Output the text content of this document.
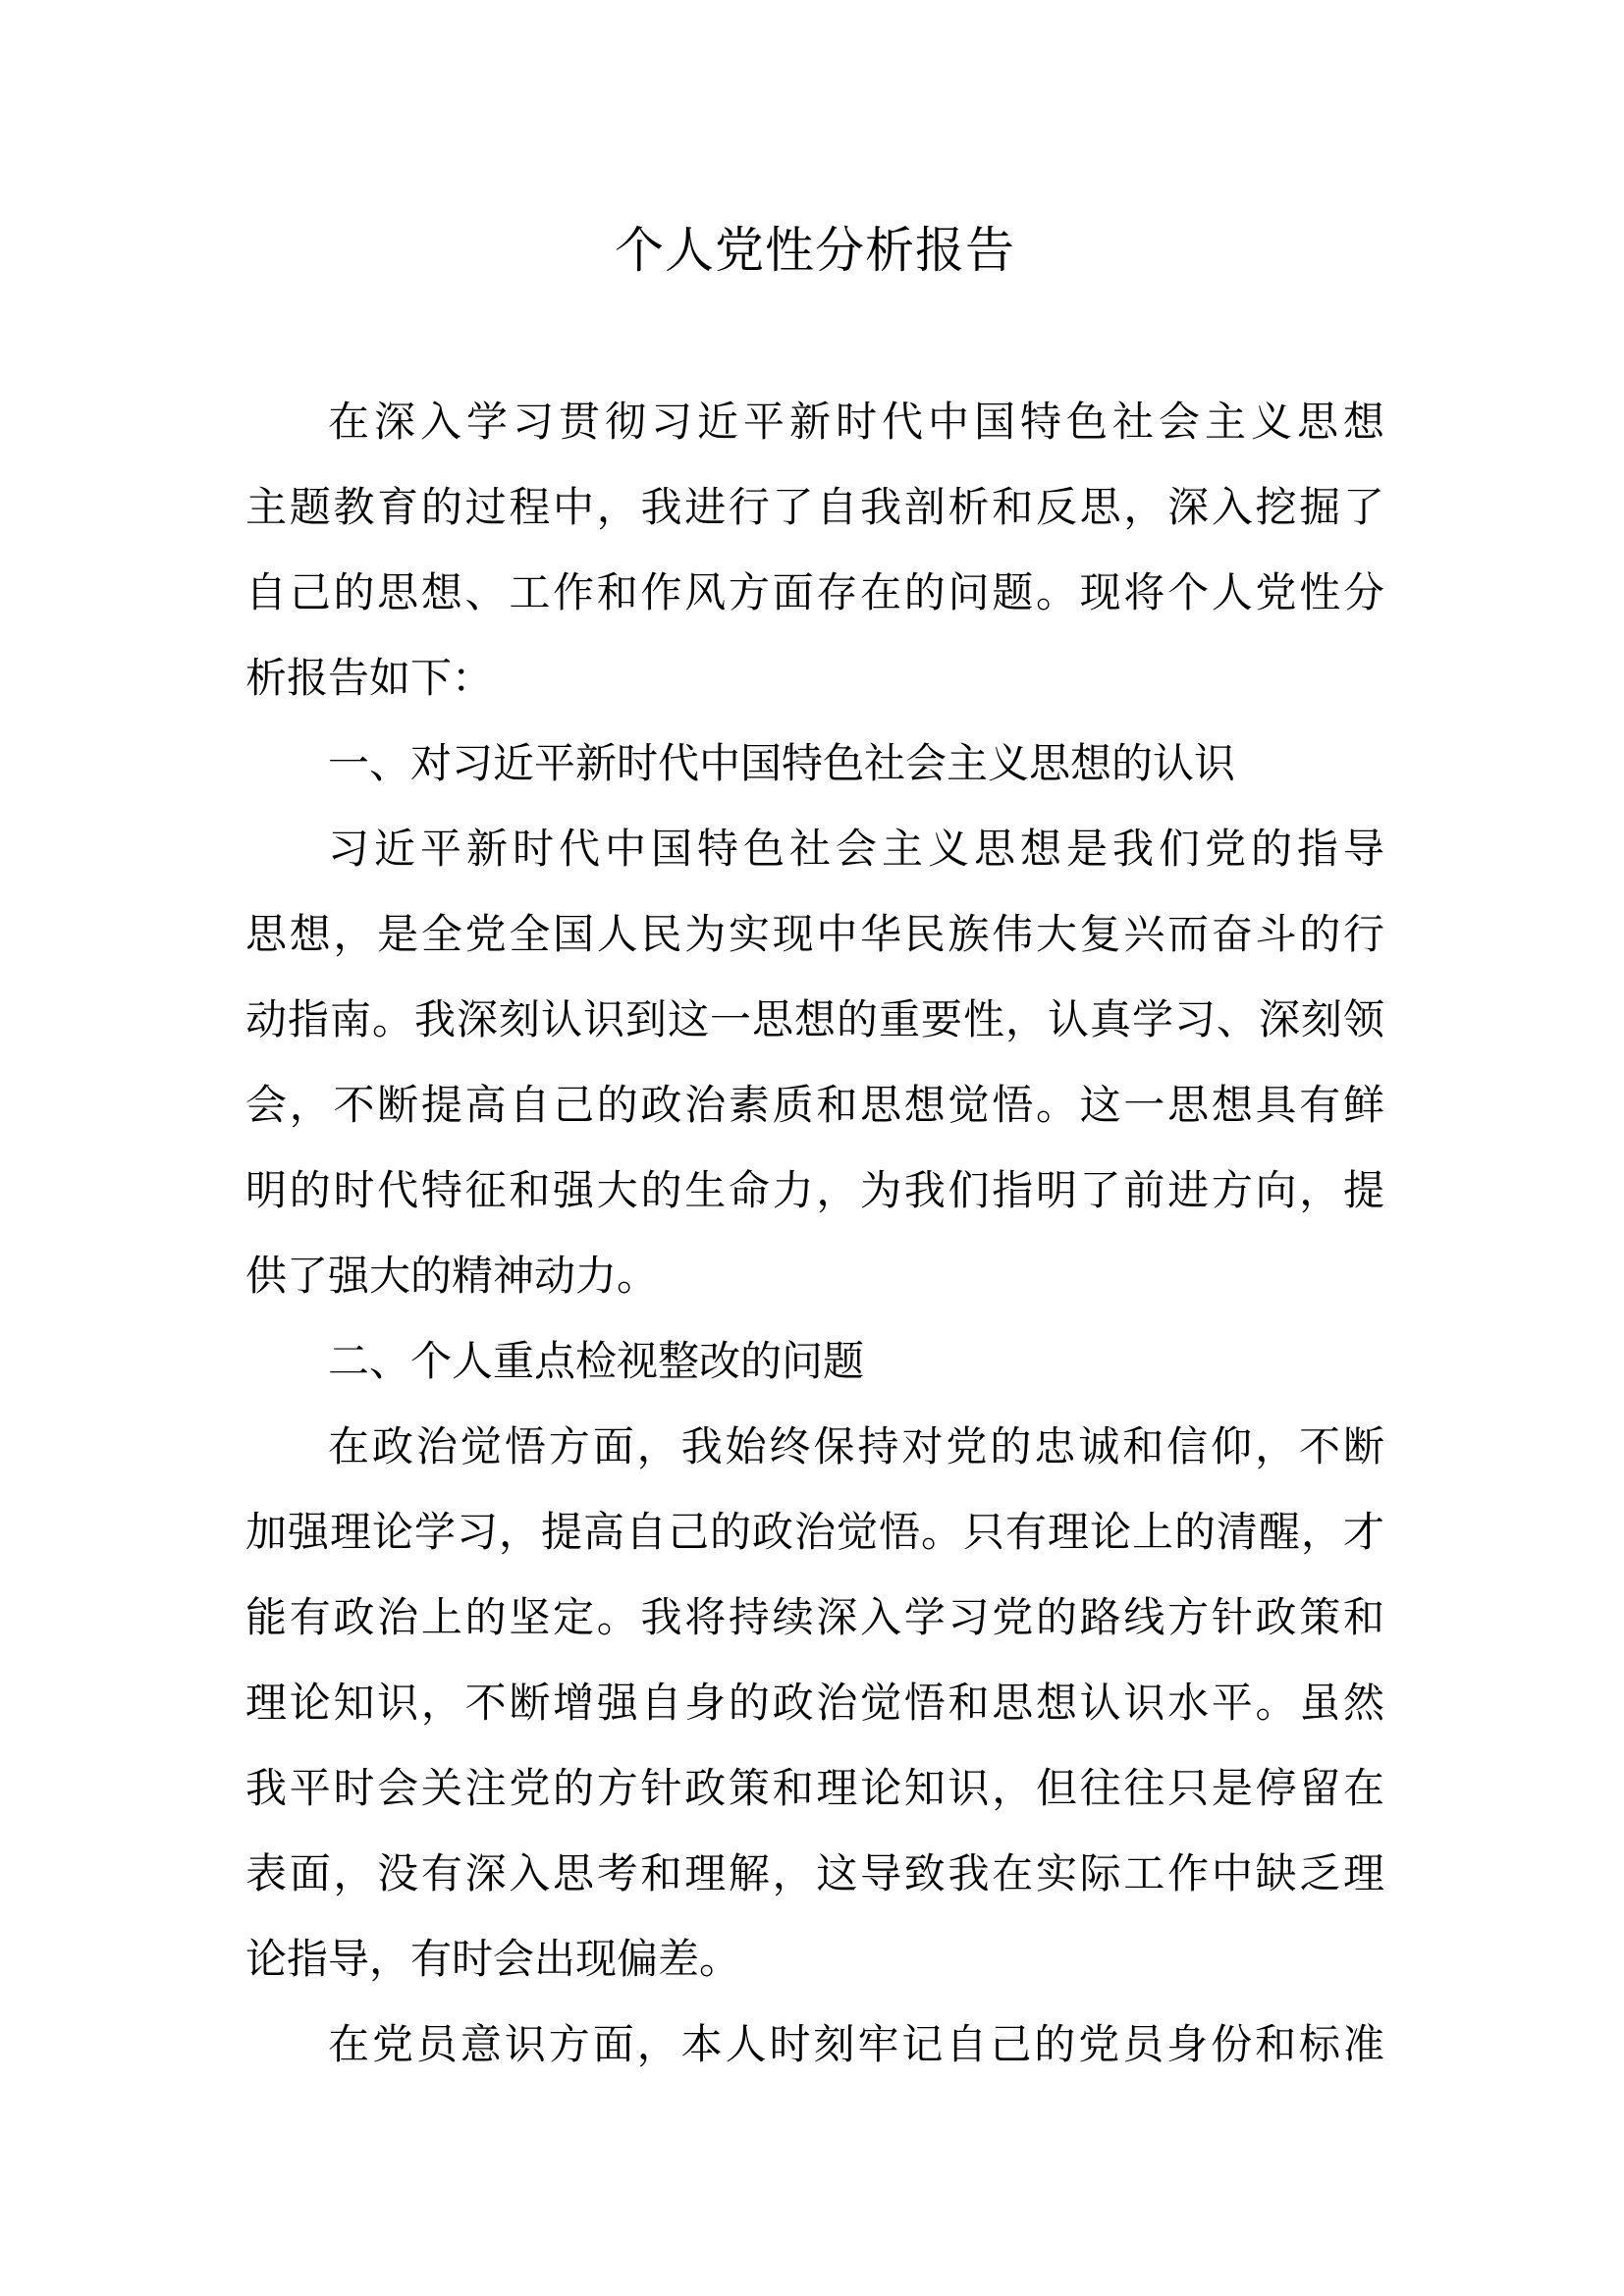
个人党性分析报告
在深入学习贯彻习近平新时代中国特色社会主义思想
主题教育的过程中，我进行了自我剖析和反思，深入挖掘了
自己的思想、工作和作风方面存在的问题。现将个人党性分
析报告如下：
一、对习近平新时代中国特色社会主义思想的认识
习近平新时代中国特色社会主义思想是我们党的指导
思想，是全党全国人民为实现中华民族伟大复兴而奋斗的行
动指南。我深刻认识到这一思想的重要性，认真学习、深刻领
会，不断提高自己的政治素质和思想觉悟。这一思想具有鲜
明的时代特征和强大的生命力，为我们指明了前进方向，提
供了强大的精神动力。
二、个人重点检视整改的问题
在政治觉悟方面，我始终保持对党的忠诚和信仰，不断
加强理论学习，提高自己的政治觉悟。只有理论上的清醒，才
能有政治上的坚定。我将持续深入学习党的路线方针政策和
理论知识，不断增强自身的政治觉悟和思想认识水平。虽然
我平时会关注党的方针政策和理论知识，但往往只是停留在
表面，没有深入思考和理解，这导致我在实际工作中缺乏理
论指导，有时会出现偏差。
在党员意识方面，本人时刻牢记自己的党员身份和标准
